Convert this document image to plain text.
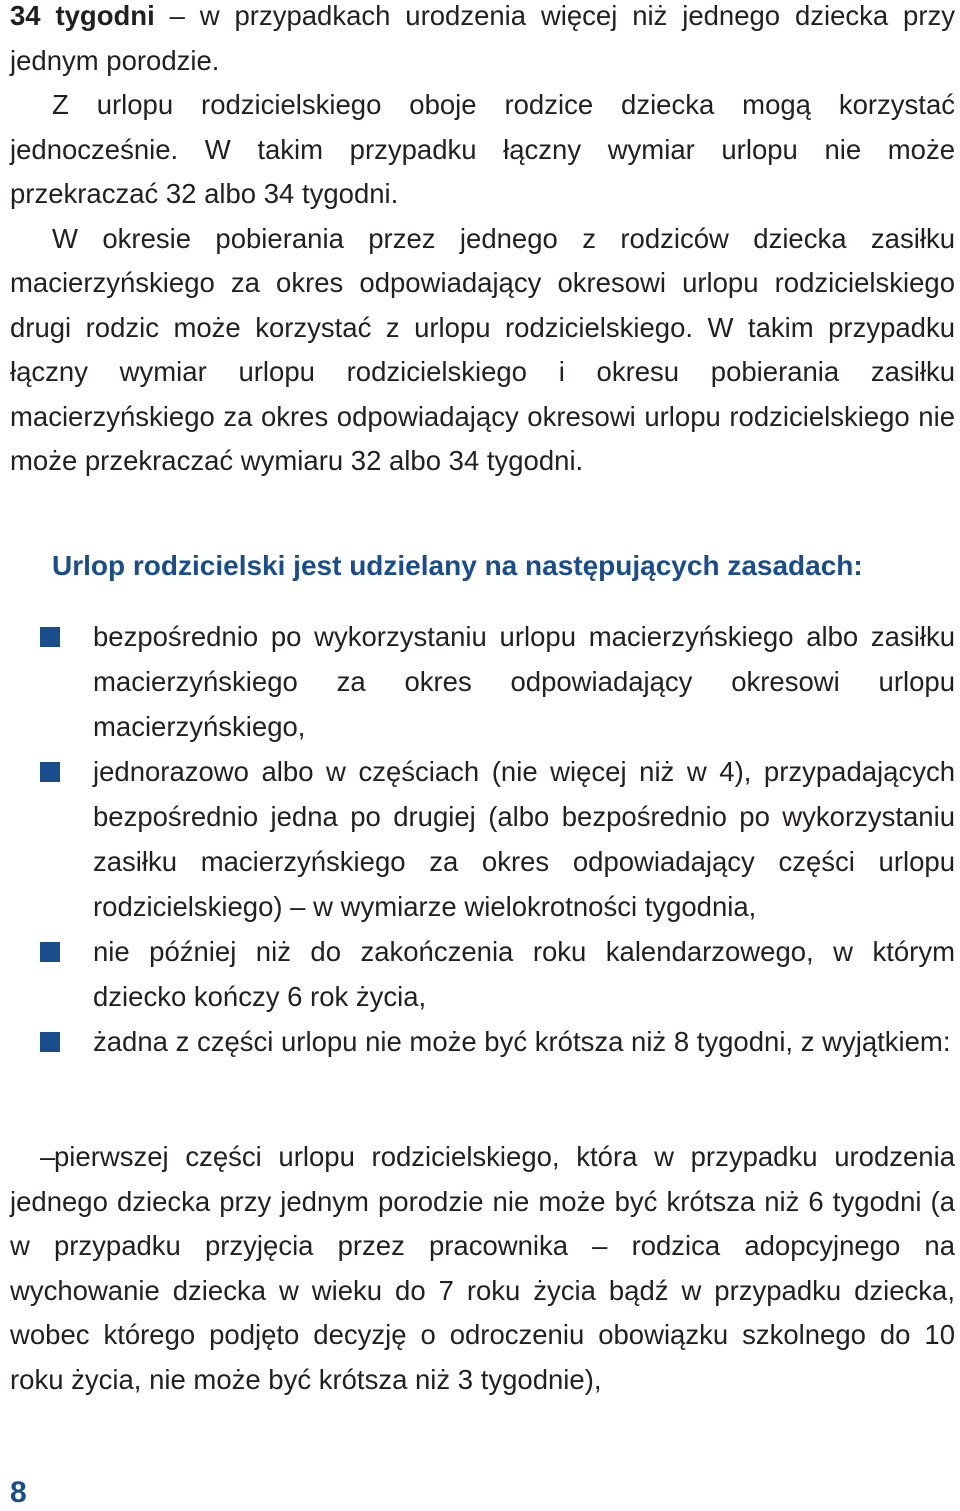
34 tygodni – w przypadkach urodzenia więcej niż jednego dziecka przy jednym porodzie.

Z urlopu rodzicielskiego oboje rodzice dziecka mogą korzystać jednocześnie. W takim przypadku łączny wymiar urlopu nie może przekraczać 32 albo 34 tygodni.

W okresie pobierania przez jednego z rodziców dziecka zasiłku macierzyńskiego za okres odpowiadający okresowi urlopu rodzicielskiego drugi rodzic może korzystać z urlopu rodzicielskiego. W takim przypadku łączny wymiar urlopu rodzicielskiego i okresu pobierania zasiłku macierzyńskiego za okres odpowiadający okresowi urlopu rodzicielskiego nie może przekraczać wymiaru 32 albo 34 tygodni.

Urlop rodzicielski jest udzielany na następujących zasadach:
bezpośrednio po wykorzystaniu urlopu macierzyńskiego albo zasiłku macierzyńskiego za okres odpowiadający okresowi urlopu macierzyńskiego,
jednorazowo albo w częściach (nie więcej niż w 4), przypadających bezpośrednio jedna po drugiej (albo bezpośrednio po wykorzystaniu zasiłku macierzyńskiego za okres odpowiadający części urlopu rodzicielskiego) – w wymiarze wielokrotności tygodnia,
nie później niż do zakończenia roku kalendarzowego, w którym dziecko kończy 6 rok życia,
żadna z części urlopu nie może być krótsza niż 8 tygodni, z wyjątkiem:

–pierwszej części urlopu rodzicielskiego, która w przypadku urodzenia jednego dziecka przy jednym porodzie nie może być krótsza niż 6 tygodni (a w przypadku przyjęcia przez pracownika – rodzica adopcyjnego na wychowanie dziecka w wieku do 7 roku życia bądź w przypadku dziecka, wobec którego podjęto decyzję o odroczeniu obowiązku szkolnego do 10 roku życia, nie może być krótsza niż 3 tygodnie),

8
